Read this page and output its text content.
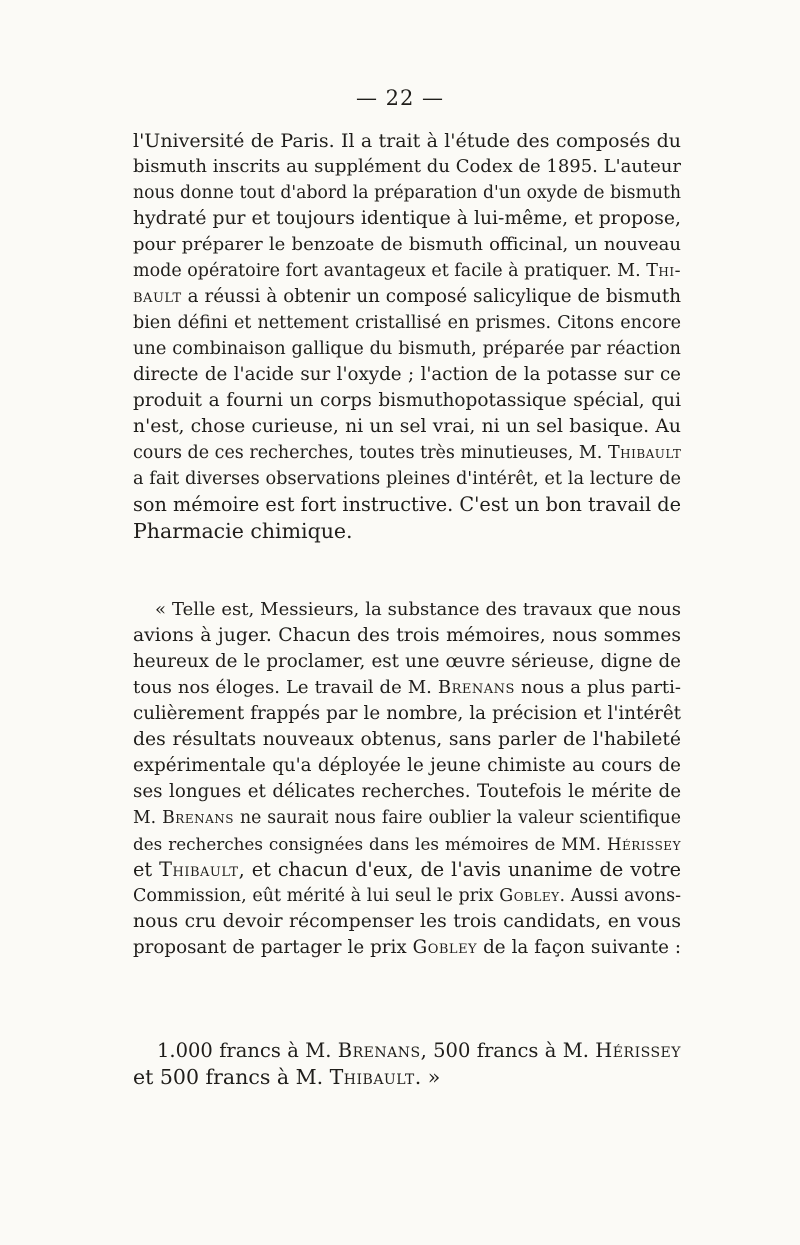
— 22 —
l'Université de Paris. Il a trait à l'étude des composés du
bismuth inscrits au supplément du Codex de 1895. L'auteur
nous donne tout d'abord la préparation d'un oxyde de bismuth
hydraté pur et toujours identique à lui-même, et propose,
pour préparer le benzoate de bismuth officinal, un nouveau
mode opératoire fort avantageux et facile à pratiquer. M. Thi-
bault a réussi à obtenir un composé salicylique de bismuth
bien défini et nettement cristallisé en prismes. Citons encore
une combinaison gallique du bismuth, préparée par réaction
directe de l'acide sur l'oxyde ; l'action de la potasse sur ce
produit a fourni un corps bismuthopotassique spécial, qui
n'est, chose curieuse, ni un sel vrai, ni un sel basique. Au
cours de ces recherches, toutes très minutieuses, M. Thibault
a fait diverses observations pleines d'intérêt, et la lecture de
son mémoire est fort instructive. C'est un bon travail de
Pharmacie chimique.
« Telle est, Messieurs, la substance des travaux que nous
avions à juger. Chacun des trois mémoires, nous sommes
heureux de le proclamer, est une œuvre sérieuse, digne de
tous nos éloges. Le travail de M. Brenans nous a plus parti-
culièrement frappés par le nombre, la précision et l'intérêt
des résultats nouveaux obtenus, sans parler de l'habileté
expérimentale qu'a déployée le jeune chimiste au cours de
ses longues et délicates recherches. Toutefois le mérite de
M. Brenans ne saurait nous faire oublier la valeur scientifique
des recherches consignées dans les mémoires de MM. Hérissey
et Thibault, et chacun d'eux, de l'avis unanime de votre
Commission, eût mérité à lui seul le prix Gobley. Aussi avons-
nous cru devoir récompenser les trois candidats, en vous
proposant de partager le prix Gobley de la façon suivante :
1.000 francs à M. Brenans, 500 francs à M. Hérissey
et 500 francs à M. Thibault. »
